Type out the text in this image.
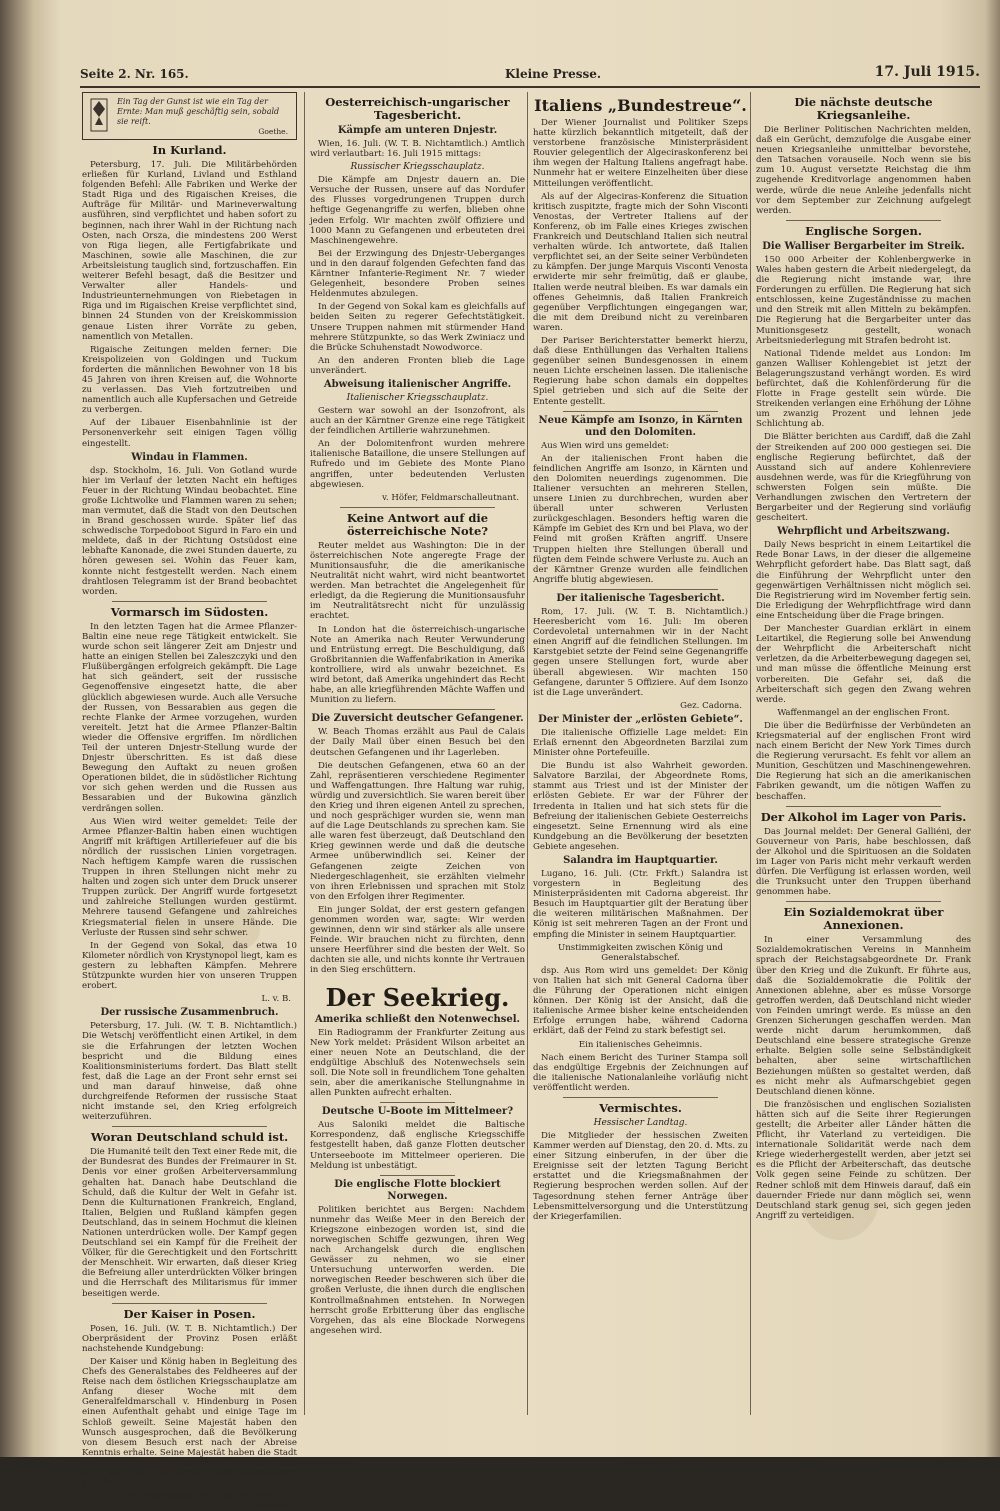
Seite 2. Nr. 165.	Kleine Presse.	17. Juli 1915.
Ein Tag der Gunst ist wie ein Tag der Ernte: Man muß geschäftig sein, sobald sie reift.
Goethe.
In Kurland.

Petersburg, 17. Juli. Die Militärbehörden erließen für Kurland, Livland und Esthland folgenden Befehl: Alle Fabriken und Werke der Stadt Riga und des Rigaischen Kreises, die Aufträge für Militär- und Marineverwaltung ausführen, sind verpflichtet und haben sofort zu beginnen, nach ihrer Wahl in der Richtung nach Osten, nach Orsza, die mindestens 200 Werst von Riga liegen, alle Fertigfabrikate und Maschinen, sowie alle Maschinen, die zur Arbeitsleistung tauglich sind, fortzuschaffen. Ein weiterer Befehl besagt, daß die Besitzer und Verwalter aller Handels- und Industrieunternehmungen von Riebetagen in Riga und im Rigaischen Kreise verpflichtet sind, binnen 24 Stunden von der Kreiskommission genaue Listen ihrer Vorräte zu geben, namentlich von Metallen.

Rigaische Zeitungen melden ferner: Die Kreispolizeien von Goldingen und Tuckum forderten die männlichen Bewohner von 18 bis 45 Jahren von ihren Kreisen auf, die Wohnorte zu verlassen. Das Vieh fortzutreiben und namentlich auch alle Kupfersachen und Getreide zu verbergen.

Auf der Libauer Eisenbahnlinie ist der Personenverkehr seit einigen Tagen völlig eingestellt.

Windau in Flammen.

dsp. Stockholm, 16. Juli. Von Gotland wurde hier im Verlauf der letzten Nacht ein heftiges Feuer in der Richtung Windau beobachtet. Eine große Lichtwolke und Flammen waren zu sehen; man vermutet, daß die Stadt von den Deutschen in Brand geschossen wurde. Später lief das schwedische Torpedoboot Sigurd in Faro ein und meldete, daß in der Richtung Ostsüdost eine lebhafte Kanonade, die zwei Stunden dauerte, zu hören gewesen sei. Wohin das Feuer kam, konnte nicht festgestellt werden. Nach einem drahtlosen Telegramm ist der Brand beobachtet worden.

Vormarsch im Südosten.

In den letzten Tagen hat die Armee Pflanzer-Baltin eine neue rege Tätigkeit entwickelt. Sie wurde schon seit längerer Zeit am Dnjestr und hatte an einigen Stellen bei Zaleszczyki und den Flußübergängen erfolgreich gekämpft. Die Lage hat sich geändert, seit der russische Gegenoffensive eingesetzt hatte, die aber glücklich abgewiesen wurde. Auch alle Versuche der Russen, von Bessarabien aus gegen die rechte Flanke der Armee vorzugehen, wurden vereitelt. Jetzt hat die Armee Pflanzer-Baltin wieder die Offensive ergriffen. Im nördlichen Teil der unteren Dnjestr-Stellung wurde der Dnjestr überschritten. Es ist daß diese Bewegung den Auftakt zu neuen großen Operationen bildet, die in südöstlicher Richtung vor sich gehen werden und die Russen aus Bessarabien und der Bukowina gänzlich verdrängen sollen.

Aus Wien wird weiter gemeldet: Teile der Armee Pflanzer-Baltin haben einen wuchtigen Angriff mit kräftigen Artilleriefeuer auf die bis nördlich der russischen Linien vorgetragen. Nach heftigem Kampfe waren die russischen Truppen in ihren Stellungen nicht mehr zu halten und zogen sich unter dem Druck unserer Truppen zurück. Der Angriff wurde fortgesetzt und zahlreiche Stellungen wurden gestürmt. Mehrere tausend Gefangene und zahlreiches Kriegsmaterial fielen in unsere Hände. Die Verluste der Russen sind sehr schwer.

In der Gegend von Sokal, das etwa 10 Kilometer nördlich von Krystynopol liegt, kam es gestern zu lebhaften Kämpfen. Mehrere Stützpunkte wurden hier von unseren Truppen erobert.

L. v. B.
Der russische Zusammenbruch.

Petersburg, 17. Juli. (W. T. B. Nichtamtlich.) Die Wetschj veröffentlicht einen Artikel, in dem sie die Erfahrungen der letzten Wochen bespricht und die Bildung eines Koalitionsministeriums fordert. Das Blatt stellt fest, daß die Lage an der Front sehr ernst sei und man darauf hinweise, daß ohne durchgreifende Reformen der russische Staat nicht imstande sei, den Krieg erfolgreich weiterzuführen.

Woran Deutschland schuld ist.

Die Humanité teilt den Text einer Rede mit, die der Bundesrat des Bundes der Freimaurer in St. Denis vor einer großen Arbeiterversammlung gehalten hat. Danach habe Deutschland die Schuld, daß die Kultur der Welt in Gefahr ist. Denn die Kulturnationen Frankreich, England, Italien, Belgien und Rußland kämpfen gegen Deutschland, das in seinem Hochmut die kleinen Nationen unterdrücken wolle. Der Kampf gegen Deutschland sei ein Kampf für die Freiheit der Völker, für die Gerechtigkeit und den Fortschritt der Menschheit. Wir erwarten, daß dieser Krieg die Befreiung aller unterdrückten Völker bringen und die Herrschaft des Militarismus für immer beseitigen werde.

Der Kaiser in Posen.

Posen, 16. Juli. (W. T. B. Nichtamtlich.) Der Oberpräsident der Provinz Posen erläßt nachstehende Kundgebung:

Der Kaiser und König haben in Begleitung des Chefs des Generalstabes des Feldheeres auf der Reise nach dem östlichen Kriegsschauplatze am Anfang dieser Woche mit dem Generalfeldmarschall v. Hindenburg in Posen einen Aufenthalt gehabt und einige Tage im Schloß geweilt. Seine Majestät haben den Wunsch ausgesprochen, daß die Bevölkerung von diesem Besuch erst nach der Abreise Kenntnis erhalte. Seine Majestät haben die Stadt und ihre Umgebung mehrfach besichtigt und sich über die Bevölkerung sehr anerkennend geäußert.

Der Oberpräsident der Provinz Posen: v. Eisenhart.
Oesterreichisch-ungarischer Tagesbericht.
Kämpfe am unteren Dnjestr.

Wien, 16. Juli. (W. T. B. Nichtamtlich.) Amtlich wird verlautbart: 16. Juli 1915 mittags:

Russischer Kriegsschauplatz.

Die Kämpfe am Dnjestr dauern an. Die Versuche der Russen, unsere auf das Nordufer des Flusses vorgedrungenen Truppen durch heftige Gegenangriffe zu werfen, blieben ohne jeden Erfolg. Wir machten zwölf Offiziere und 1000 Mann zu Gefangenen und erbeuteten drei Maschinengewehre.

Bei der Erzwingung des Dnjestr-Ueberganges und in den darauf folgenden Gefechten fand das Kärntner Infanterie-Regiment Nr. 7 wieder Gelegenheit, besondere Proben seines Heldenmutes abzulegen.

In der Gegend von Sokal kam es gleichfalls auf beiden Seiten zu regerer Gefechtstätigkeit. Unsere Truppen nahmen mit stürmender Hand mehrere Stützpunkte, so das Werk Zwiniacz und die Brücke Schuhenstadt Nowodworce.

An den anderen Fronten blieb die Lage unverändert.

Abweisung italienischer Angriffe.
Italienischer Kriegsschauplatz.

Gestern war sowohl an der Isonzofront, als auch an der Kärntner Grenze eine rege Tätigkeit der feindlichen Artillerie wahrzunehmen.

An der Dolomitenfront wurden mehrere italienische Bataillone, die unsere Stellungen auf Rufredo und im Gebiete des Monte Piano angriffen, unter bedeutenden Verlusten abgewiesen.

v. Höfer, Feldmarschalleutnant.
Keine Antwort auf die österreichische Note?

Reuter meldet aus Washington: Die in der österreichischen Note angeregte Frage der Munitionsausfuhr, die die amerikanische Neutralität nicht wahrt, wird nicht beantwortet werden. Man betrachtet die Angelegenheit für erledigt, da die Regierung die Munitionsausfuhr im Neutralitätsrecht nicht für unzulässig erachtet.

In London hat die österreichisch-ungarische Note an Amerika nach Reuter Verwunderung und Entrüstung erregt. Die Beschuldigung, daß Großbritannien die Waffenfabrikation in Amerika kontrolliere, wird als unwahr bezeichnet. Es wird betont, daß Amerika ungehindert das Recht habe, an alle kriegführenden Mächte Waffen und Munition zu liefern.

Die Zuversicht deutscher Gefangener.

W. Beach Thomas erzählt aus Paul de Calais der Daily Mail über einen Besuch bei den deutschen Gefangenen und ihr Lagerleben.

Die deutschen Gefangenen, etwa 60 an der Zahl, repräsentieren verschiedene Regimenter und Waffengattungen. Ihre Haltung war ruhig, würdig und zuversichtlich. Sie waren bereit über den Krieg und ihren eigenen Anteil zu sprechen, und noch gesprächiger wurden sie, wenn man auf die Lage Deutschlands zu sprechen kam. Sie alle waren fest überzeugt, daß Deutschland den Krieg gewinnen werde und daß die deutsche Armee unüberwindlich sei. Keiner der Gefangenen zeigte Zeichen von Niedergeschlagenheit, sie erzählten vielmehr von ihren Erlebnissen und sprachen mit Stolz von den Erfolgen ihrer Regimenter.

Ein junger Soldat, der erst gestern gefangen genommen worden war, sagte: Wir werden gewinnen, denn wir sind stärker als alle unsere Feinde. Wir brauchen nicht zu fürchten, denn unsere Heerführer sind die besten der Welt. So dachten sie alle, und nichts konnte ihr Vertrauen in den Sieg erschüttern.

Der Seekrieg.
Amerika schließt den Notenwechsel.

Ein Radiogramm der Frankfurter Zeitung aus New York meldet: Präsident Wilson arbeitet an einer neuen Note an Deutschland, die der endgültige Abschluß des Notenwechsels sein soll. Die Note soll in freundlichem Tone gehalten sein, aber die amerikanische Stellungnahme in allen Punkten aufrecht erhalten.

Deutsche U-Boote im Mittelmeer?

Aus Saloniki meldet die Baltische Korrespondenz, daß englische Kriegsschiffe festgestellt haben, daß ganze Flotten deutscher Unterseeboote im Mittelmeer operieren. Die Meldung ist unbestätigt.

Die englische Flotte blockiert Norwegen.

Politiken berichtet aus Bergen: Nachdem nunmehr das Weiße Meer in den Bereich der Kriegszone einbezogen worden ist, sind die norwegischen Schiffe gezwungen, ihren Weg nach Archangelsk durch die englischen Gewässer zu nehmen, wo sie einer Untersuchung unterworfen werden. Die norwegischen Reeder beschweren sich über die großen Verluste, die ihnen durch die englischen Kontrollmaßnahmen entstehen. In Norwegen herrscht große Erbitterung über das englische Vorgehen, das als eine Blockade Norwegens angesehen wird.

Italiens „Bundestreue“.

Der Wiener Journalist und Politiker Szeps hatte kürzlich bekanntlich mitgeteilt, daß der verstorbene französische Ministerpräsident Rouvier gelegentlich der Algeciraskonferenz bei ihm wegen der Haltung Italiens angefragt habe. Nunmehr hat er weitere Einzelheiten über diese Mitteilungen veröffentlicht.

Als auf der Algeciras-Konferenz die Situation kritisch zuspitzte, fragte mich der Sohn Visconti Venostas, der Vertreter Italiens auf der Konferenz, ob im Falle eines Krieges zwischen Frankreich und Deutschland Italien sich neutral verhalten würde. Ich antwortete, daß Italien verpflichtet sei, an der Seite seiner Verbündeten zu kämpfen. Der junge Marquis Visconti Venosta erwiderte mir sehr freimütig, daß er glaube, Italien werde neutral bleiben. Es war damals ein offenes Geheimnis, daß Italien Frankreich gegenüber Verpflichtungen eingegangen war, die mit dem Dreibund nicht zu vereinbaren waren.

Der Pariser Berichterstatter bemerkt hierzu, daß diese Enthüllungen das Verhalten Italiens gegenüber seinen Bundesgenossen in einem neuen Lichte erscheinen lassen. Die italienische Regierung habe schon damals ein doppeltes Spiel getrieben und sich auf die Seite der Entente gestellt.

Neue Kämpfe am Isonzo, in Kärnten und den Dolomiten.

Aus Wien wird uns gemeldet:

An der italienischen Front haben die feindlichen Angriffe am Isonzo, in Kärnten und den Dolomiten neuerdings zugenommen. Die Italiener versuchten an mehreren Stellen, unsere Linien zu durchbrechen, wurden aber überall unter schweren Verlusten zurückgeschlagen. Besonders heftig waren die Kämpfe im Gebiet des Krn und bei Plava, wo der Feind mit großen Kräften angriff. Unsere Truppen hielten ihre Stellungen überall und fügten dem Feinde schwere Verluste zu. Auch an der Kärntner Grenze wurden alle feindlichen Angriffe blutig abgewiesen.

Der italienische Tagesbericht.

Rom, 17. Juli. (W. T. B. Nichtamtlich.) Heeresbericht vom 16. Juli: Im oberen Cordevoletal unternahmen wir in der Nacht einen Angriff auf die feindlichen Stellungen. Im Karstgebiet setzte der Feind seine Gegenangriffe gegen unsere Stellungen fort, wurde aber überall abgewiesen. Wir machten 150 Gefangene, darunter 5 Offiziere. Auf dem Isonzo ist die Lage unverändert.

Gez. Cadorna.
Der Minister der „erlösten Gebiete“.

Die italienische Offizielle Lage meldet: Ein Erlaß ernennt den Abgeordneten Barzilai zum Minister ohne Portefeuille.

Die Bundu ist also Wahrheit geworden. Salvatore Barzilai, der Abgeordnete Roms, stammt aus Triest und ist der Minister der erlösten Gebiete. Er war der Führer der Irredenta in Italien und hat sich stets für die Befreiung der italienischen Gebiete Oesterreichs eingesetzt. Seine Ernennung wird als eine Kundgebung an die Bevölkerung der besetzten Gebiete angesehen.

Salandra im Hauptquartier.

Lugano, 16. Juli. (Ctr. Frkft.) Salandra ist vorgestern in Begleitung des Ministerpräsidenten mit Cadorna abgereist. Ihr Besuch im Hauptquartier gilt der Beratung über die weiteren militärischen Maßnahmen. Der König ist seit mehreren Tagen an der Front und empfing die Minister in seinem Hauptquartier.

Unstimmigkeiten zwischen König und Generalstabschef.

dsp. Aus Rom wird uns gemeldet: Der König von Italien hat sich mit General Cadorna über die Führung der Operationen nicht einigen können. Der König ist der Ansicht, daß die italienische Armee bisher keine entscheidenden Erfolge errungen habe, während Cadorna erklärt, daß der Feind zu stark befestigt sei.

Ein italienisches Geheimnis.

Nach einem Bericht des Turiner Stampa soll das endgültige Ergebnis der Zeichnungen auf die italienische Nationalanleihe vorläufig nicht veröffentlicht werden.

Vermischtes.
Hessischer Landtag.

Die Mitglieder der hessischen Zweiten Kammer werden auf Dienstag, den 20. d. Mts. zu einer Sitzung einberufen, in der über die Ereignisse seit der letzten Tagung Bericht erstattet und die Kriegsmaßnahmen der Regierung besprochen werden sollen. Auf der Tagesordnung stehen ferner Anträge über Lebensmittelversorgung und die Unterstützung der Kriegerfamilien.

Die nächste deutsche Kriegsanleihe.

Die Berliner Politischen Nachrichten melden, daß ein Gerücht, demzufolge die Ausgabe einer neuen Kriegsanleihe unmittelbar bevorstehe, den Tatsachen vorauseile. Noch wenn sie bis zum 10. August versetzte Reichstag die ihm zugehende Kreditvorlage angenommen haben werde, würde die neue Anleihe jedenfalls nicht vor dem September zur Zeichnung aufgelegt werden.

Englische Sorgen.
Die Walliser Bergarbeiter im Streik.

150 000 Arbeiter der Kohlenbergwerke in Wales haben gestern die Arbeit niedergelegt, da die Regierung nicht imstande war, ihre Forderungen zu erfüllen. Die Regierung hat sich entschlossen, keine Zugeständnisse zu machen und den Streik mit allen Mitteln zu bekämpfen. Die Regierung hat die Bergarbeiter unter das Munitionsgesetz gestellt, wonach Arbeitsniederlegung mit Strafen bedroht ist.

National Tidende meldet aus London: Im ganzen Walliser Kohlengebiet ist jetzt der Belagerungszustand verhängt worden. Es wird befürchtet, daß die Kohlenförderung für die Flotte in Frage gestellt sein würde. Die Streikenden verlangen eine Erhöhung der Löhne um zwanzig Prozent und lehnen jede Schlichtung ab.

Die Blätter berichten aus Cardiff, daß die Zahl der Streikenden auf 200 000 gestiegen sei. Die englische Regierung befürchtet, daß der Ausstand sich auf andere Kohlenreviere ausdehnen werde, was für die Kriegführung von schwersten Folgen sein müßte. Die Verhandlungen zwischen den Vertretern der Bergarbeiter und der Regierung sind vorläufig gescheitert.

Wehrpflicht und Arbeitszwang.

Daily News bespricht in einem Leitartikel die Rede Bonar Laws, in der dieser die allgemeine Wehrpflicht gefordert habe. Das Blatt sagt, daß die Einführung der Wehrpflicht unter den gegenwärtigen Verhältnissen nicht möglich sei. Die Registrierung wird im November fertig sein. Die Erledigung der Wehrpflichtfrage wird dann eine Entscheidung über die Frage bringen.

Der Manchester Guardian erklärt in einem Leitartikel, die Regierung solle bei Anwendung der Wehrpflicht die Arbeiterschaft nicht verletzen, da die Arbeiterbewegung dagegen sei, und man müsse die öffentliche Meinung erst vorbereiten. Die Gefahr sei, daß die Arbeiterschaft sich gegen den Zwang wehren werde.

Waffenmangel an der englischen Front.

Die über die Bedürfnisse der Verbündeten an Kriegsmaterial auf der englischen Front wird nach einem Bericht der New York Times durch die Regierung verursacht. Es fehlt vor allem an Munition, Geschützen und Maschinengewehren. Die Regierung hat sich an die amerikanischen Fabriken gewandt, um die nötigen Waffen zu beschaffen.

Der Alkohol im Lager von Paris.

Das Journal meldet: Der General Galliéni, der Gouverneur von Paris, habe beschlossen, daß der Alkohol und die Spirituosen an die Soldaten im Lager von Paris nicht mehr verkauft werden dürfen. Die Verfügung ist erlassen worden, weil die Trunksucht unter den Truppen überhand genommen habe.

Ein Sozialdemokrat über Annexionen.

In einer Versammlung des Sozialdemokratischen Vereins in Mannheim sprach der Reichstagsabgeordnete Dr. Frank über den Krieg und die Zukunft. Er führte aus, daß die Sozialdemokratie die Politik der Annexionen ablehne, aber es müsse Vorsorge getroffen werden, daß Deutschland nicht wieder von Feinden umringt werde. Es müsse an den Grenzen Sicherungen geschaffen werden. Man werde nicht darum herumkommen, daß Deutschland eine bessere strategische Grenze erhalte. Belgien solle seine Selbständigkeit behalten, aber seine wirtschaftlichen Beziehungen müßten so gestaltet werden, daß es nicht mehr als Aufmarschgebiet gegen Deutschland dienen könne.

Die französischen und englischen Sozialisten hätten sich auf die Seite ihrer Regierungen gestellt; die Arbeiter aller Länder hätten die Pflicht, ihr Vaterland zu verteidigen. Die internationale Solidarität werde nach dem Kriege wiederhergestellt werden, aber jetzt sei es die Pflicht der Arbeiterschaft, das deutsche Volk gegen seine Feinde zu schützen. Der Redner schloß mit dem Hinweis darauf, daß ein dauernder Friede nur dann möglich sei, wenn Deutschland stark genug sei, sich gegen jeden Angriff zu verteidigen.
